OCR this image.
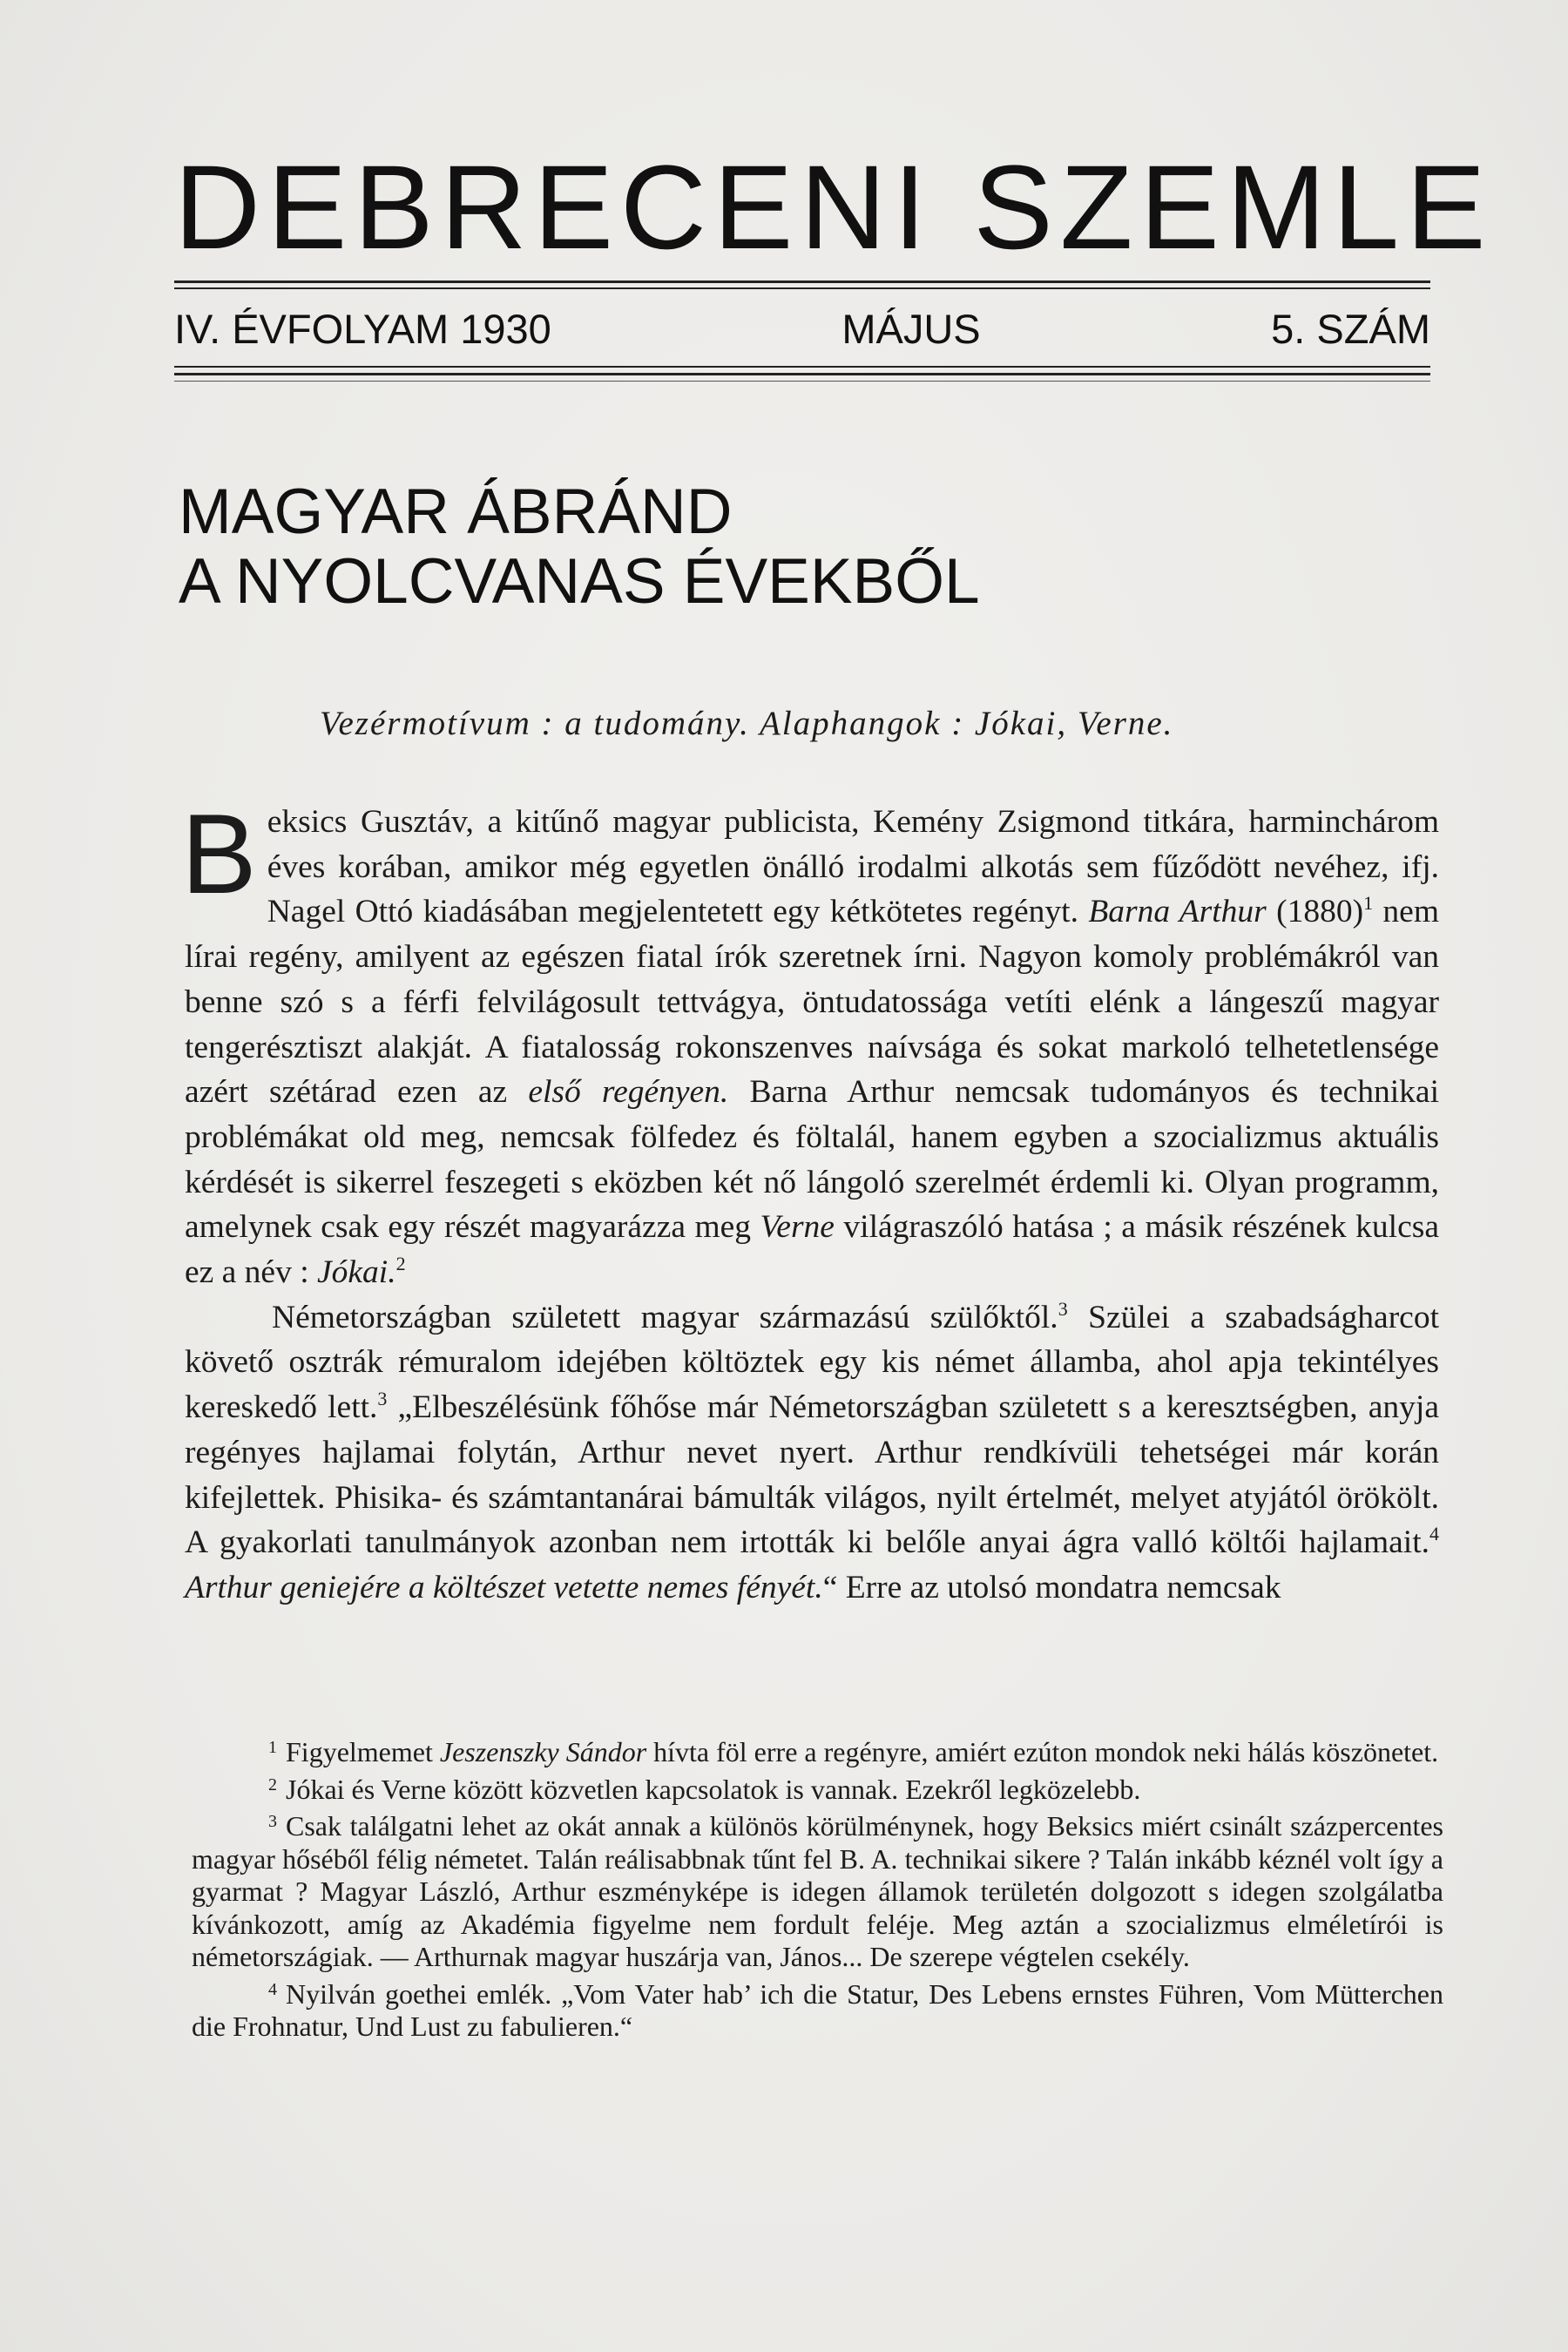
DEBRECENI SZEMLE
IV. ÉVFOLYAM 1930	MÁJUS	5. SZÁM
MAGYAR ÁBRÁND
A NYOLCVANAS ÉVEKBŐL
Vezérmotívum : a tudomány. Alaphangok : Jókai, Verne.

Beksics Gusztáv, a kitűnő magyar publicista, Kemény Zsigmond titkára, harminchárom éves korában, amikor még egyetlen önálló irodalmi alkotás sem fűződött nevéhez, ifj. Nagel Ottó kiadásában megjelentetett egy kétkötetes regényt. Barna Arthur $(1880)^1$ nem lírai regény, amilyent az egészen fiatal írók szeretnek írni. Nagyon komoly problémákról van benne szó s a férfi felvilágosult tettvágya, öntudatossága vetíti elénk a lángeszű magyar tengerésztiszt alakját. A fiatalosság rokonszenves naívsága és sokat markoló telhetetlensége azért szétárad ezen az első regényen. Barna Arthur nemcsak tudományos és technikai problémákat old meg, nemcsak fölfedez és föltalál, hanem egyben a szocializmus aktuális kérdését is sikerrel feszegeti s eközben két nő lángoló szerelmét érdemli ki. Olyan programm, amelynek csak egy részét magyarázza meg Verne világraszóló hatása ; a másik részének kulcsa ez a név : Jókai.$^2$

Németországban született magyar származású szülőktől.$^3$ Szülei a szabadságharcot követő osztrák rémuralom idejében költöztek egy kis német államba, ahol apja tekintélyes kereskedő lett.$^3$ „Elbeszélésünk főhőse már Németországban született s a keresztségben, anyja regényes hajlamai folytán, Arthur nevet nyert. Arthur rendkívüli tehetségei már korán kifejlettek. Phisika- és számtantanárai bámulták világos, nyilt értelmét, melyet atyjától örökölt. A gyakorlati tanulmányok azonban nem irtották ki belőle anyai ágra valló költői hajlamait.$^4$ Arthur geniejére a költészet vetette nemes fényét.“ Erre az utolsó mondatra nemcsak

$^1$ Figyelmemet Jeszenszky Sándor hívta föl erre a regényre, amiért ezúton mondok neki hálás köszönetet.

$^2$ Jókai és Verne között közvetlen kapcsolatok is vannak. Ezekről legközelebb.

$^3$ Csak találgatni lehet az okát annak a különös körülménynek, hogy Beksics miért csinált százpercentes magyar hőséből félig németet. Talán reálisabbnak tűnt fel B. A. technikai sikere ? Talán inkább kéznél volt így a gyarmat ? Magyar László, Arthur eszményképe is idegen államok területén dolgozott s idegen szolgálatba kívánkozott, amíg az Akadémia figyelme nem fordult feléje. Meg aztán a szocializmus elméletírói is németországiak. — Arthurnak magyar huszárja van, János... De szerepe végtelen csekély.

$^4$ Nyilván goethei emlék. „Vom Vater hab’ ich die Statur, Des Lebens ernstes Führen, Vom Mütterchen die Frohnatur, Und Lust zu fabulieren.“
